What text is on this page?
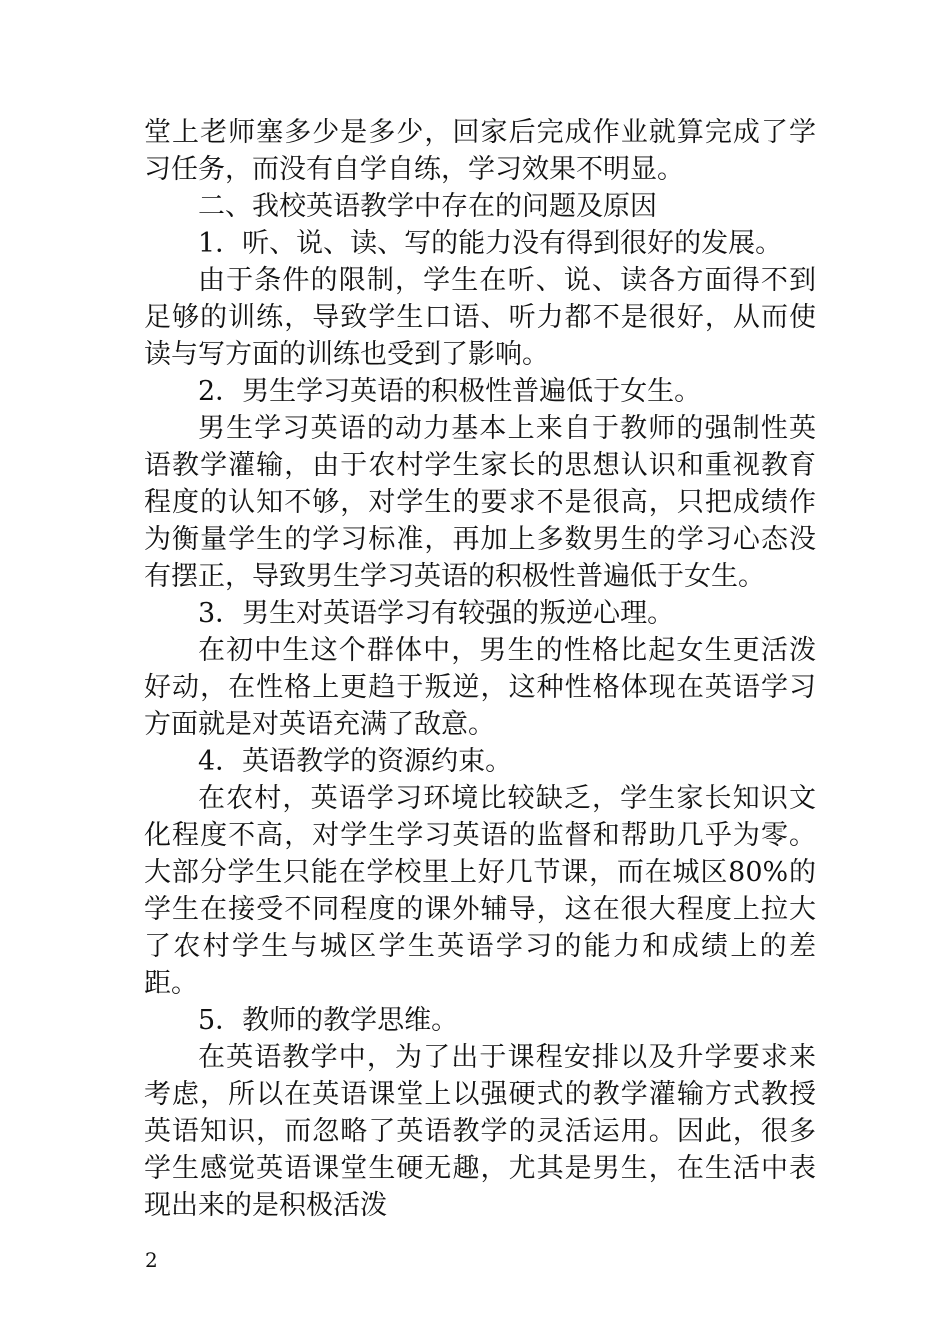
堂上老师塞多少是多少，回家后完成作业就算完成了学习任务，而没有自学自练，学习效果不明显。

二、我校英语教学中存在的问题及原因

1．听、说、读、写的能力没有得到很好的发展。

由于条件的限制，学生在听、说、读各方面得不到足够的训练，导致学生口语、听力都不是很好，从而使读与写方面的训练也受到了影响。

2．男生学习英语的积极性普遍低于女生。

男生学习英语的动力基本上来自于教师的强制性英语教学灌输，由于农村学生家长的思想认识和重视教育程度的认知不够，对学生的要求不是很高，只把成绩作为衡量学生的学习标准，再加上多数男生的学习心态没有摆正，导致男生学习英语的积极性普遍低于女生。

3．男生对英语学习有较强的叛逆心理。

在初中生这个群体中，男生的性格比起女生更活泼好动，在性格上更趋于叛逆，这种性格体现在英语学习方面就是对英语充满了敌意。

4．英语教学的资源约束。

在农村，英语学习环境比较缺乏，学生家长知识文化程度不高，对学生学习英语的监督和帮助几乎为零。大部分学生只能在学校里上好几节课，而在城区80%的学生在接受不同程度的课外辅导，这在很大程度上拉大了农村学生与城区学生英语学习的能力和成绩上的差距。

5．教师的教学思维。

在英语教学中，为了出于课程安排以及升学要求来考虑，所以在英语课堂上以强硬式的教学灌输方式教授英语知识，而忽略了英语教学的灵活运用。因此，很多学生感觉英语课堂生硬无趣，尤其是男生，在生活中表现出来的是积极活泼

2
